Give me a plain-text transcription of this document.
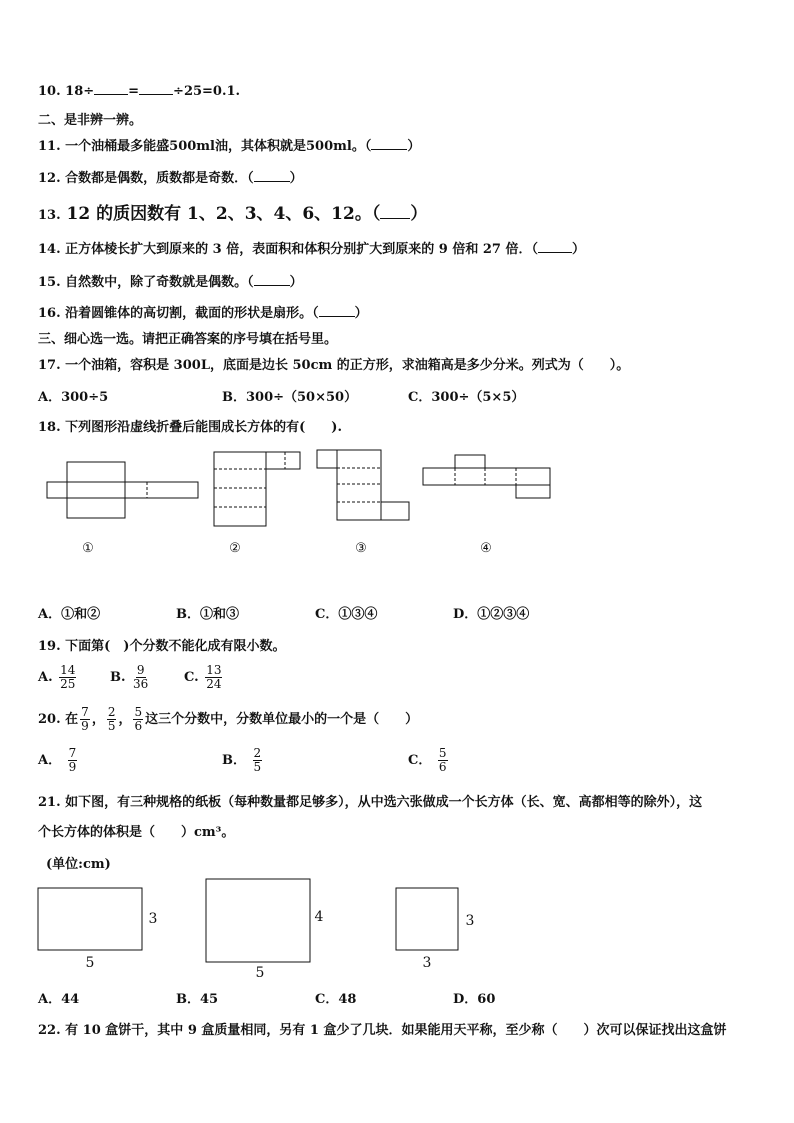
10. 18÷	=	÷25=0.1.
二、是非辨一辨。
11. 一个油桶最多能盛500ml油，其体积就是500ml。（	）
12. 合数都是偶数，质数都是奇数．（	）
13. 12 的质因数有 1、2、3、4、6、12。（ ）
14. 正方体棱长扩大到原来的 3 倍，表面积和体积分别扩大到原来的 9 倍和 27 倍．（	）
15. 自然数中，除了奇数就是偶数。（	）
16. 沿着圆锥体的高切割，截面的形状是扇形。（	）
三、细心选一选。请把正确答案的序号填在括号里。
17. 一个油箱，容积是 300L，底面是边长 50cm 的正方形，求油箱高是多少分米。列式为（　　）。
A．300÷5	B．300÷（50×50）	C．300÷（5×5）
18. 下列图形沿虚线折叠后能围成长方体的有(　　).
①	②	③	④
A．①和②	B．①和③	C．①③④	D．①②③④
19. 下面第(　)个分数不能化成有限小数。
A. $\frac{14}{25}$	B. $\frac{9}{36}$	C. $\frac{13}{24}$
20. 在 $\frac{7}{9}$ ， $\frac{2}{5}$ ， $\frac{5}{6}$ 这三个分数中，分数单位最小的一个是（　　）
A． $\frac{7}{9}$	B． $\frac{2}{5}$	C． $\frac{5}{6}$
21. 如下图，有三种规格的纸板（每种数量都足够多），从中选六张做成一个长方体（长、宽、高都相等的除外），这
个长方体的体积是（　　）cm³。
(单位:cm)
3
5
4
5
3
3
A．44	B．45	C．48	D．60
22. 有 10 盒饼干，其中 9 盒质量相同，另有 1 盒少了几块．如果能用天平称，至少称（　　）次可以保证找出这盒饼
